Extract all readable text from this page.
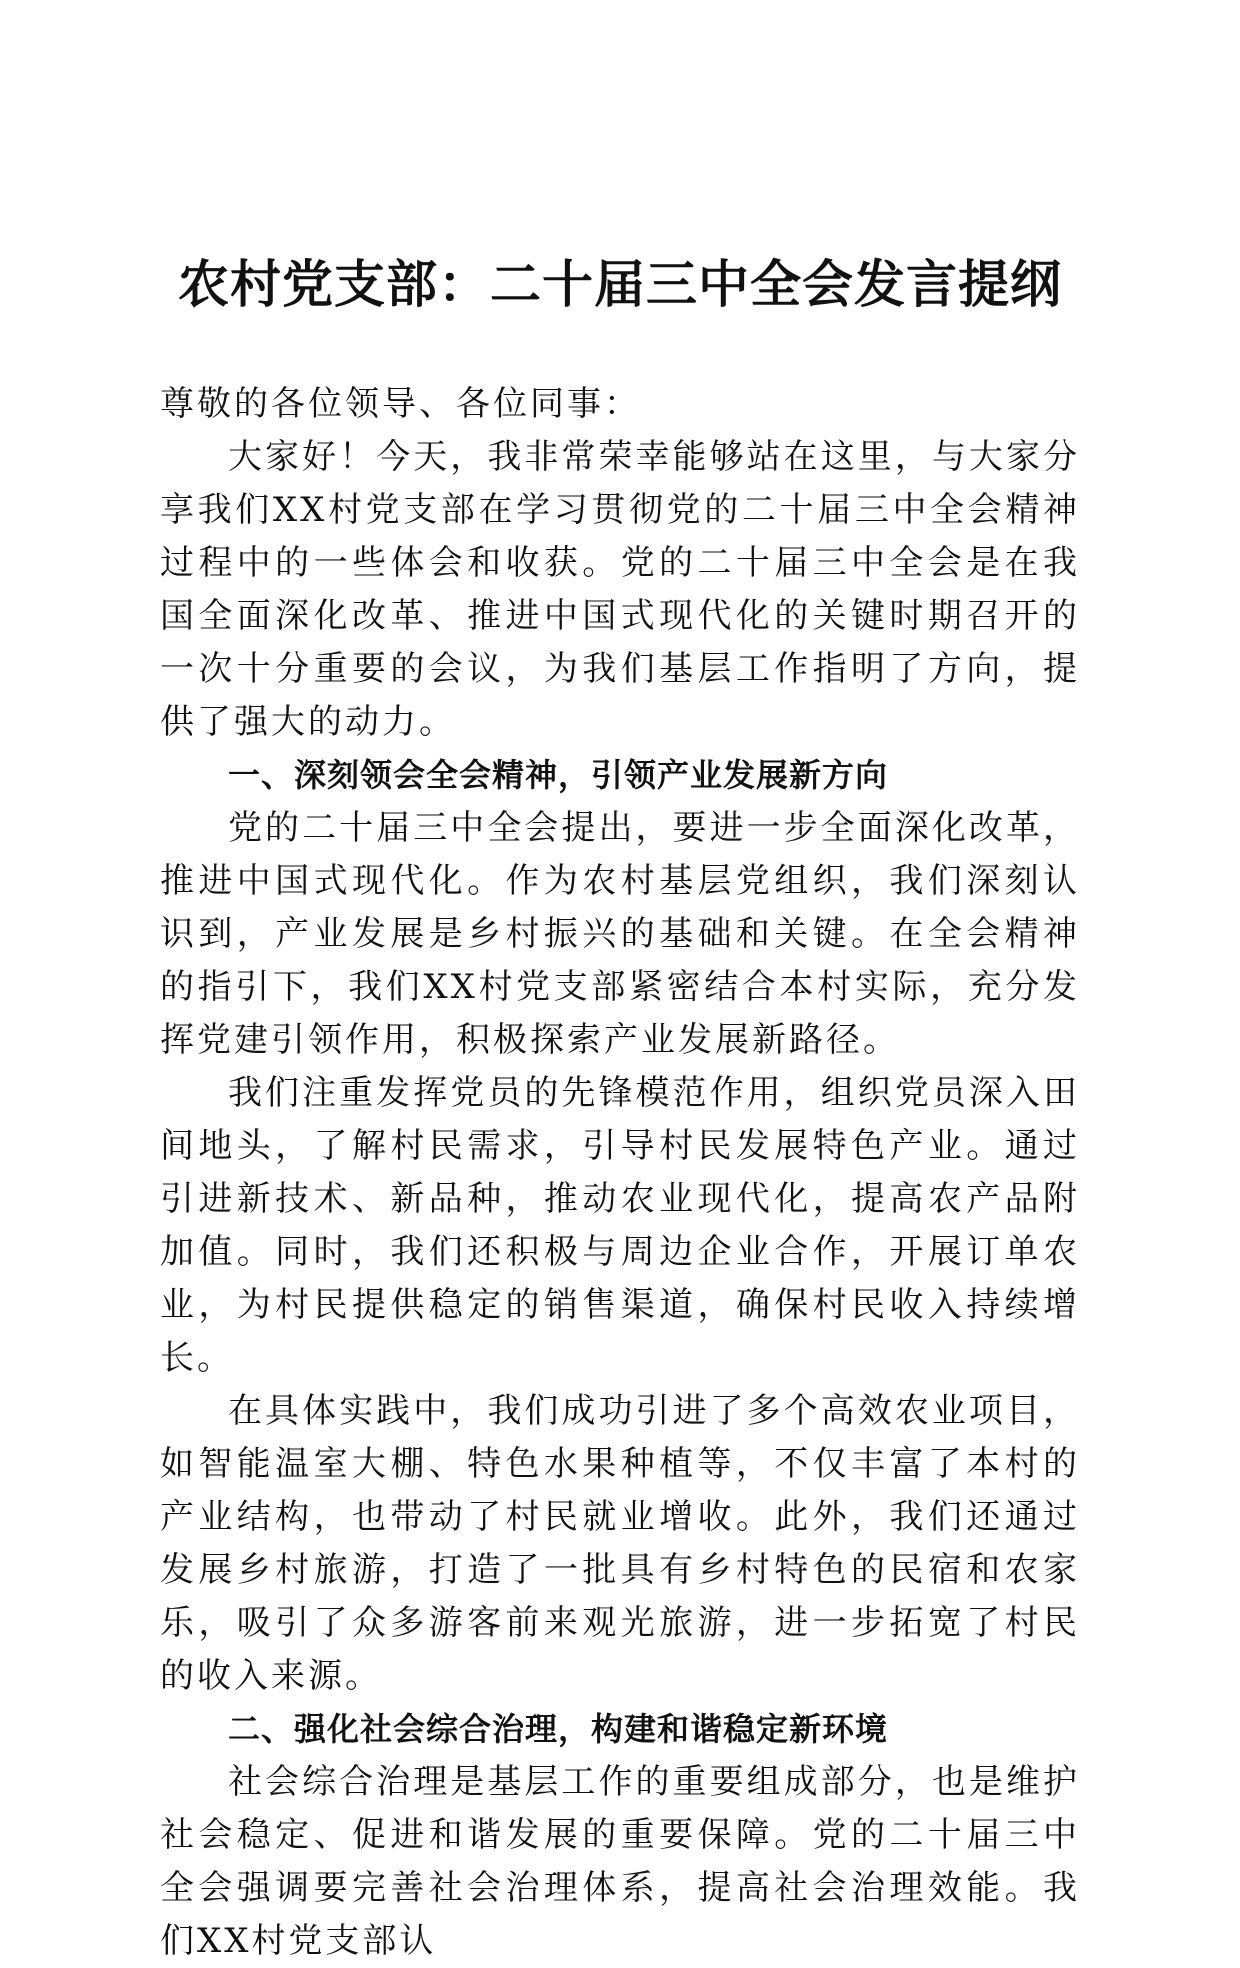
农村党支部：二十届三中全会发言提纲

尊敬的各位领导、各位同事：

大家好！今天，我非常荣幸能够站在这里，与大家分享我们XX村党支部在学习贯彻党的二十届三中全会精神过程中的一些体会和收获。党的二十届三中全会是在我国全面深化改革、推进中国式现代化的关键时期召开的一次十分重要的会议，为我们基层工作指明了方向，提供了强大的动力。

一、深刻领会全会精神，引领产业发展新方向

党的二十届三中全会提出，要进一步全面深化改革，推进中国式现代化。作为农村基层党组织，我们深刻认识到，产业发展是乡村振兴的基础和关键。在全会精神的指引下，我们XX村党支部紧密结合本村实际，充分发挥党建引领作用，积极探索产业发展新路径。

我们注重发挥党员的先锋模范作用，组织党员深入田间地头，了解村民需求，引导村民发展特色产业。通过引进新技术、新品种，推动农业现代化，提高农产品附加值。同时，我们还积极与周边企业合作，开展订单农业，为村民提供稳定的销售渠道，确保村民收入持续增长。

在具体实践中，我们成功引进了多个高效农业项目，如智能温室大棚、特色水果种植等，不仅丰富了本村的产业结构，也带动了村民就业增收。此外，我们还通过发展乡村旅游，打造了一批具有乡村特色的民宿和农家乐，吸引了众多游客前来观光旅游，进一步拓宽了村民的收入来源。

二、强化社会综合治理，构建和谐稳定新环境

社会综合治理是基层工作的重要组成部分，也是维护社会稳定、促进和谐发展的重要保障。党的二十届三中全会强调要完善社会治理体系，提高社会治理效能。我们XX村党支部认
